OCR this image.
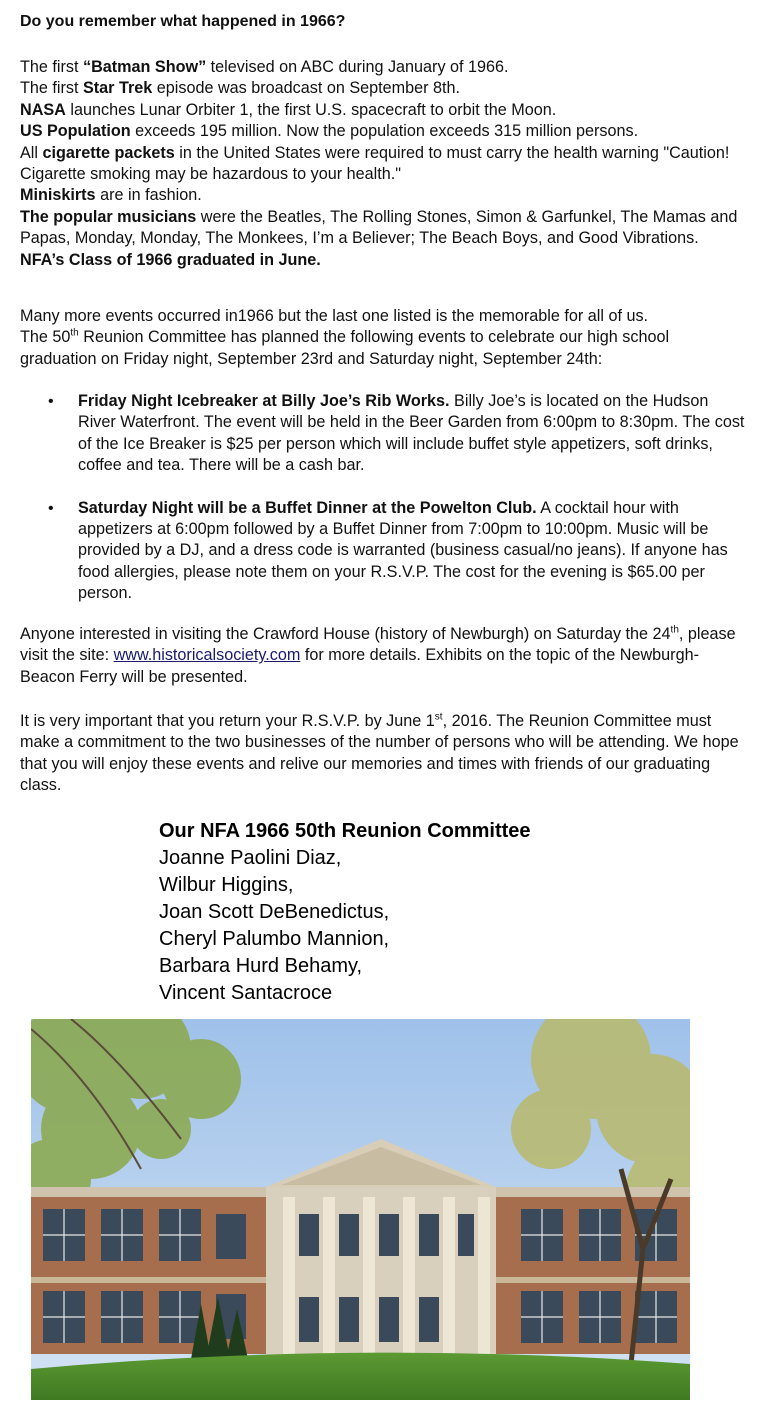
Do you remember what happened in 1966?

The first “Batman Show” televised on ABC during January of 1966.

The first Star Trek episode was broadcast on September 8th.

NASA launches Lunar Orbiter 1, the first U.S. spacecraft to orbit the Moon.

US Population exceeds 195 million. Now the population exceeds 315 million persons.

All cigarette packets in the United States were required to must carry the health warning "Caution! Cigarette smoking may be hazardous to your health."

Miniskirts are in fashion.

The popular musicians were the Beatles, The Rolling Stones, Simon & Garfunkel, The Mamas and Papas, Monday, Monday, The Monkees, I’m a Believer; The Beach Boys, and Good Vibrations.

NFA’s Class of 1966 graduated in June.

Many more events occurred in1966 but the last one listed is the memorable for all of us.
The 50th Reunion Committee has planned the following events to celebrate our high school graduation on Friday night, September 23rd and Saturday night, September 24th:

• Friday Night Icebreaker at Billy Joe’s Rib Works. Billy Joe’s is located on the Hudson River Waterfront. The event will be held in the Beer Garden from 6:00pm to 8:30pm. The cost of the Ice Breaker is $25 per person which will include buffet style appetizers, soft drinks, coffee and tea. There will be a cash bar.
• Saturday Night will be a Buffet Dinner at the Powelton Club. A cocktail hour with appetizers at 6:00pm followed by a Buffet Dinner from 7:00pm to 10:00pm. Music will be provided by a DJ, and a dress code is warranted (business casual/no jeans). If anyone has food allergies, please note them on your R.S.V.P. The cost for the evening is $65.00 per person.

Anyone interested in visiting the Crawford House (history of Newburgh) on Saturday the 24th, please visit the site: www.historicalsociety.com for more details. Exhibits on the topic of the Newburgh-Beacon Ferry will be presented.

It is very important that you return your R.S.V.P. by June 1st, 2016. The Reunion Committee must make a commitment to the two businesses of the number of persons who will be attending. We hope that you will enjoy these events and relive our memories and times with friends of our graduating class.

Our NFA 1966 50th Reunion Committee
Joanne Paolini Diaz,
Wilbur Higgins,
Joan Scott DeBenedictus,
Cheryl Palumbo Mannion,
Barbara Hurd Behamy,
Vincent Santacroce
